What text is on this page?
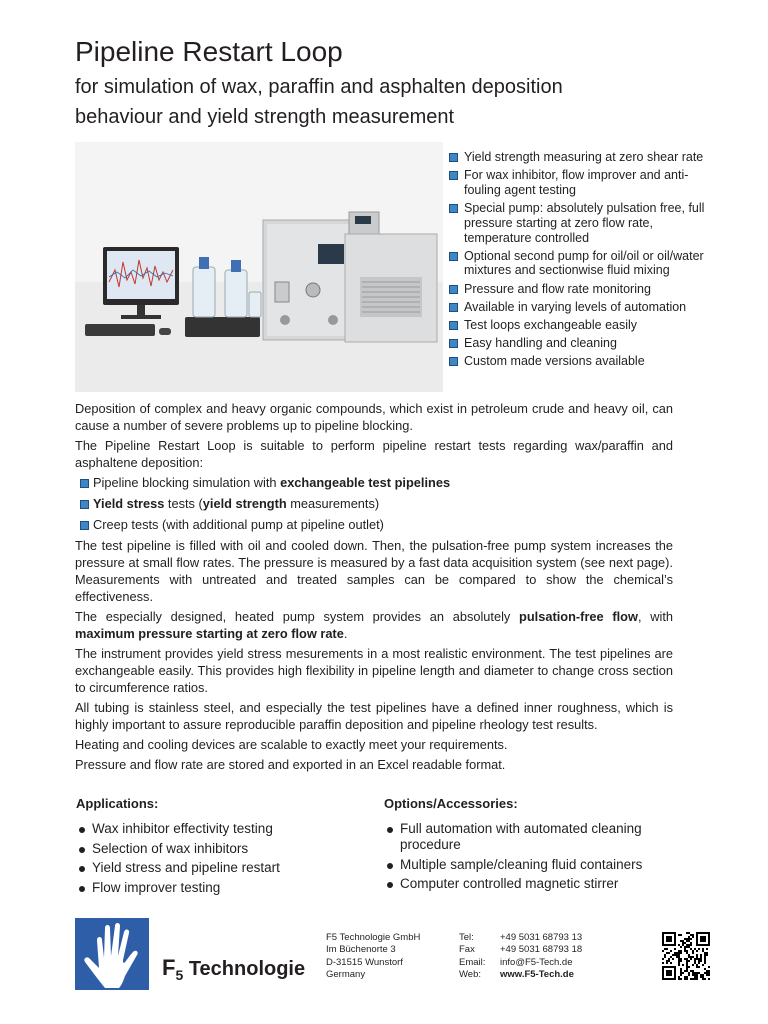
Pipeline Restart Loop
for simulation of wax, paraffin and asphalten deposition
behaviour and yield strength measurement
Yield strength measuring at zero shear rate
For wax inhibitor, flow improver and anti-fouling agent testing
Special pump: absolutely pulsation free, full pressure starting at zero flow rate, temperature controlled
Optional second pump for oil/oil or oil/water mixtures and sectionwise fluid mixing
Pressure and flow rate monitoring
Available in varying levels of automation
Test loops exchangeable easily
Easy handling and cleaning
Custom made versions available

Deposition of complex and heavy organic compounds, which exist in petroleum crude and heavy oil, can cause a number of severe problems up to pipeline blocking.

The Pipeline Restart Loop is suitable to perform pipeline restart tests regarding wax/paraffin and asphaltene deposition:

Pipeline blocking simulation with exchangeable test pipelines
Yield stress tests (yield strength measurements)
Creep tests (with additional pump at pipeline outlet)

The test pipeline is filled with oil and cooled down. Then, the pulsation-free pump system increases the pressure at small flow rates. The pressure is measured by a fast data acquisition system (see next page). Measurements with untreated and treated samples can be compared to show the chemical’s effectiveness.

The especially designed, heated pump system provides an absolutely pulsation-free flow, with maximum pressure starting at zero flow rate.

The instrument provides yield stress mesurements in a most realistic environment. The test pipelines are exchangeable easily. This provides high flexibility in pipeline length and diameter to change cross section to circumference ratios.

All tubing is stainless steel, and especially the test pipelines have a defined inner roughness, which is highly important to assure reproducible paraffin deposition and pipeline rheology test results.

Heating and cooling devices are scalable to exactly meet your requirements.

Pressure and flow rate are stored and exported in an Excel readable format.

Applications:	Options/Accessories:
Wax inhibitor effectivity testing
Selection of wax inhibitors
Yield stress and pipeline restart
Flow improver testing
Full automation with automated cleaning procedure
Multiple sample/cleaning fluid containers
Computer controlled magnetic stirrer
$F_5$ Technologie
F5 Technologie GmbH
Im Büchenorte 3
D-31515 Wunstorf
Germany
Tel:	+49 5031 68793 13
Fax	+49 5031 68793 18
Email:	info@F5-Tech.de
Web:	www.F5-Tech.de
